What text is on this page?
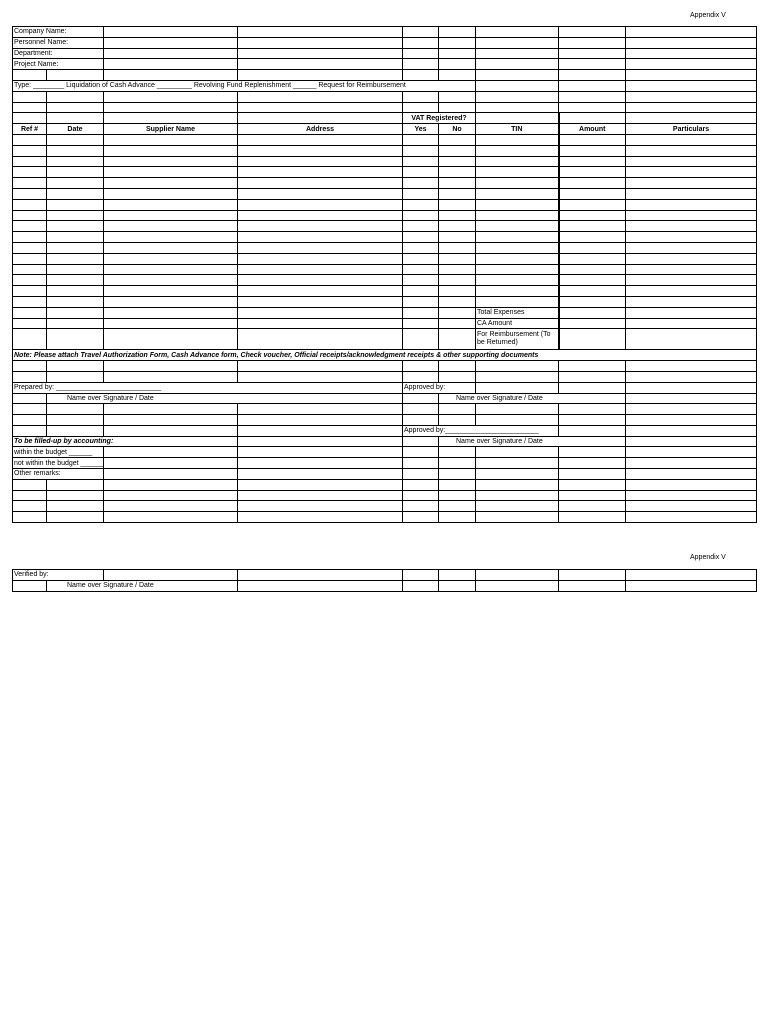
Appendix V
Company Name:								
Personnel Name:								
Department:								
Project Name:								

Type: ________ Liquidation of Cash Advance _________ Revolving Fund Replenishment ______ Request for Reimbursement								

				VAT Registered?				
Ref #	Date	Supplier Name	Address	Yes	No	TIN	Amount	Particulars

						Total Expenses		
						CA Amount		
						For Reimbursement (To be Returned)		
Note: Please attach Travel Authorization Form, Cash Advance form, Check voucher, Official receipts/acknowledgment receipts & other supporting documents								

Prepared by: ___________________________				Approved by:				
	Name over Signature / Date				Name over Signature / Date			

				Approved by:________________________				
To be filled-up by accounting:					Name over Signature / Date			
within the budget ______								
not within the budget ______								
Other remarks:								

Appendix V
Verified by:								
	Name over Signature / Date							
